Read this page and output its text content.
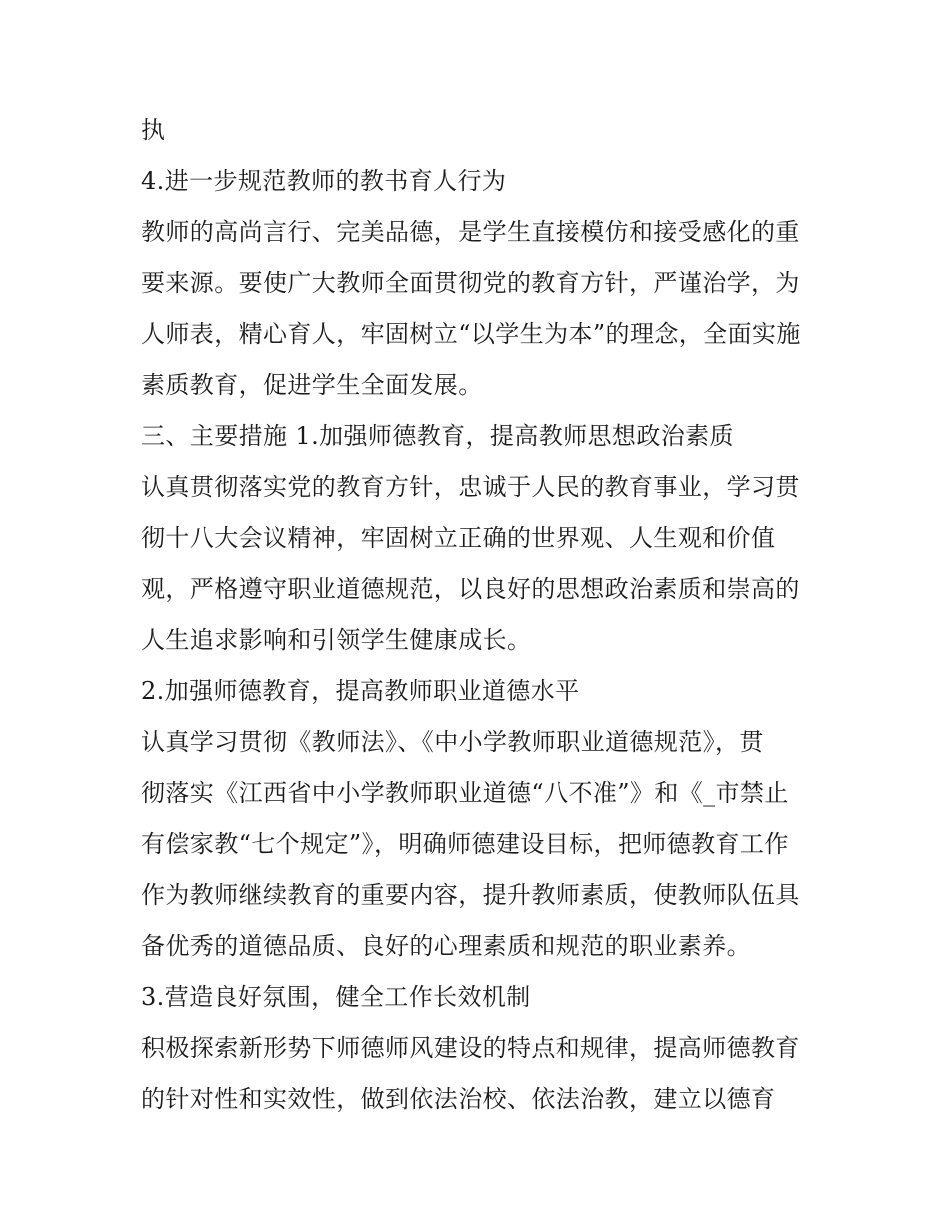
执
4.进一步规范教师的教书育人行为
教师的高尚言行、完美品德，是学生直接模仿和接受感化的重
要来源。要使广大教师全面贯彻党的教育方针，严谨治学，为
人师表，精心育人，牢固树立“以学生为本”的理念，全面实施
素质教育，促进学生全面发展。
三、主要措施 1.加强师德教育，提高教师思想政治素质
认真贯彻落实党的教育方针，忠诚于人民的教育事业，学习贯
彻十八大会议精神，牢固树立正确的世界观、人生观和价值
观，严格遵守职业道德规范，以良好的思想政治素质和崇高的
人生追求影响和引领学生健康成长。
2.加强师德教育，提高教师职业道德水平
认真学习贯彻《教师法》、《中小学教师职业道德规范》，贯
彻落实《江西省中小学教师职业道德“八不准”》和《_市禁止
有偿家教“七个规定”》，明确师德建设目标，把师德教育工作
作为教师继续教育的重要内容，提升教师素质，使教师队伍具
备优秀的道德品质、良好的心理素质和规范的职业素养。
3.营造良好氛围，健全工作长效机制
积极探索新形势下师德师风建设的特点和规律，提高师德教育
的针对性和实效性，做到依法治校、依法治教，建立以德育
